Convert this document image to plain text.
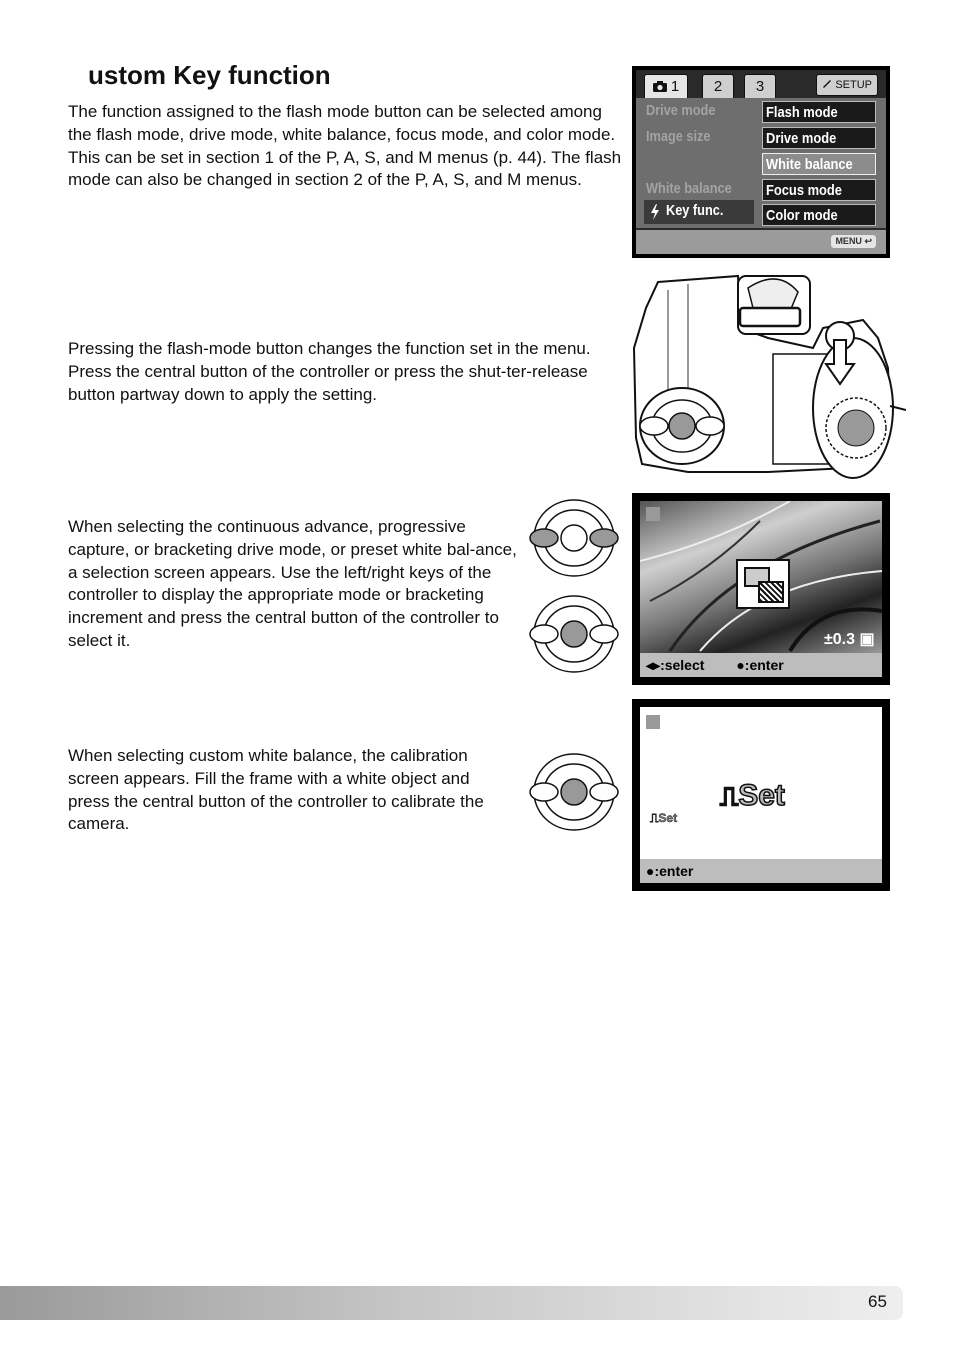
ustom Key function

The function assigned to the flash mode button can be selected among the flash mode, drive mode, white balance, focus mode, and color mode. This can be set in section 1 of the P, A, S, and M menus (p. 44). The flash mode can also be changed in section 2 of the P, A, S, and M menus.

Pressing the flash-mode button changes the function set in the menu. Press the central button of the controller or press the shut-ter-release button partway down to apply the setting.

When selecting the continuous advance, progressive capture, or bracketing drive mode, or preset white bal-ance, a selection screen appears. Use the left/right keys of the controller to display the appropriate mode or bracketing increment and press the central button of the controller to select it.

When selecting custom white balance, the calibration screen appears. Fill the frame with a white object and press the central button of the controller to calibrate the camera.

1	2	3	SETUP
Drive mode
Image size
White balance
Key func.
Flash mode
Drive mode
White balance
Focus mode
Color mode
MENU ↩
±0.3 ▣
◂▸:select ●:enter
⎍Set
⎍Set
●:enter
65
